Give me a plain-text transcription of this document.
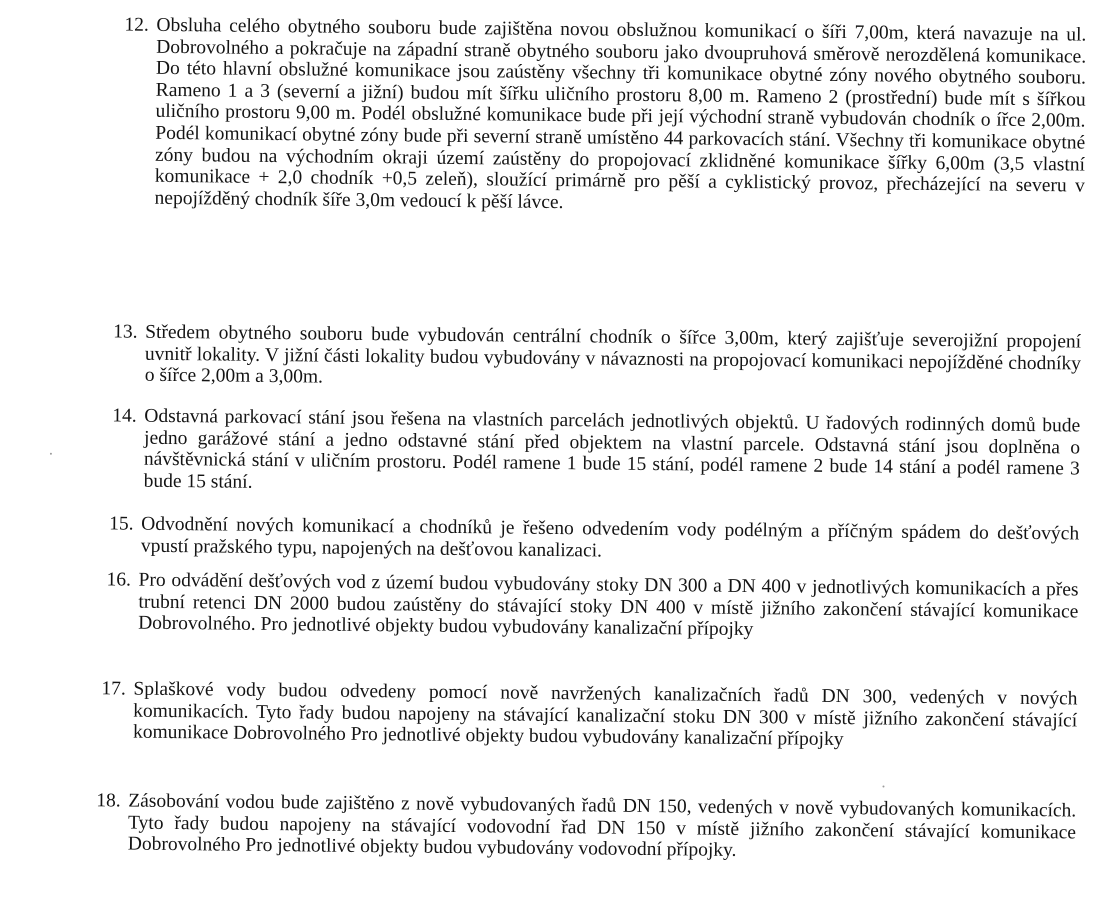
12. Obsluha celého obytného souboru bude zajištěna novou obslužnou komunikací o šíři 7,00m, která navazuje na ul. Dobrovolného a pokračuje na západní straně obytného souboru jako dvoupruhová směrově nerozdělená komunikace. Do této hlavní obslužné komunikace jsou zaústěny všechny tři komunikace obytné zóny nového obytného souboru. Rameno 1 a 3 (severní a jižní) budou mít šířku uličního prostoru 8,00 m. Rameno 2 (prostřední) bude mít s šířkou uličního prostoru 9,00 m. Podél obslužné komunikace bude při její východní straně vybudován chodník o ířce 2,00m. Podél komunikací obytné zóny bude při severní straně umístěno 44 parkovacích stání. Všechny tři komunikace obytné zóny budou na východním okraji území zaústěny do propojovací zklidněné komunikace šířky 6,00m (3,5 vlastní komunikace + 2,0 chodník +0,5 zeleň), sloužící primárně pro pěší a cyklistický provoz, přecházející na severu v nepojížděný chodník šíře 3,0m vedoucí k pěší lávce.
13. Středem obytného souboru bude vybudován centrální chodník o šířce 3,00m, který zajišťuje severojižní propojení uvnitř lokality. V jižní části lokality budou vybudovány v návaznosti na propojovací komunikaci nepojížděné chodníky o šířce 2,00m a 3,00m.
14. Odstavná parkovací stání jsou řešena na vlastních parcelách jednotlivých objektů. U řadových rodinných domů bude jedno garážové stání a jedno odstavné stání před objektem na vlastní parcele. Odstavná stání jsou doplněna o návštěvnická stání v uličním prostoru. Podél ramene 1 bude 15 stání, podél ramene 2 bude 14 stání a podél ramene 3 bude 15 stání.
15. Odvodnění nových komunikací a chodníků je řešeno odvedením vody podélným a příčným spádem do dešťových vpustí pražského typu, napojených na dešťovou kanalizaci.
16. Pro odvádění dešťových vod z území budou vybudovány stoky DN 300 a DN 400 v jednotlivých komunikacích a přes trubní retenci DN 2000 budou zaústěny do stávající stoky DN 400 v místě jižního zakončení stávající komunikace Dobrovolného. Pro jednotlivé objekty budou vybudovány kanalizační přípojky
17. Splaškové vody budou odvedeny pomocí nově navržených kanalizačních řadů DN 300, vedených v nových komunikacích. Tyto řady budou napojeny na stávající kanalizační stoku DN 300 v místě jižního zakončení stávající komunikace Dobrovolného Pro jednotlivé objekty budou vybudovány kanalizační přípojky
18. Zásobování vodou bude zajištěno z nově vybudovaných řadů DN 150, vedených v nově vybudovaných komunikacích. Tyto řady budou napojeny na stávající vodovodní řad DN 150 v místě jižního zakončení stávající komunikace Dobrovolného Pro jednotlivé objekty budou vybudovány vodovodní přípojky.
